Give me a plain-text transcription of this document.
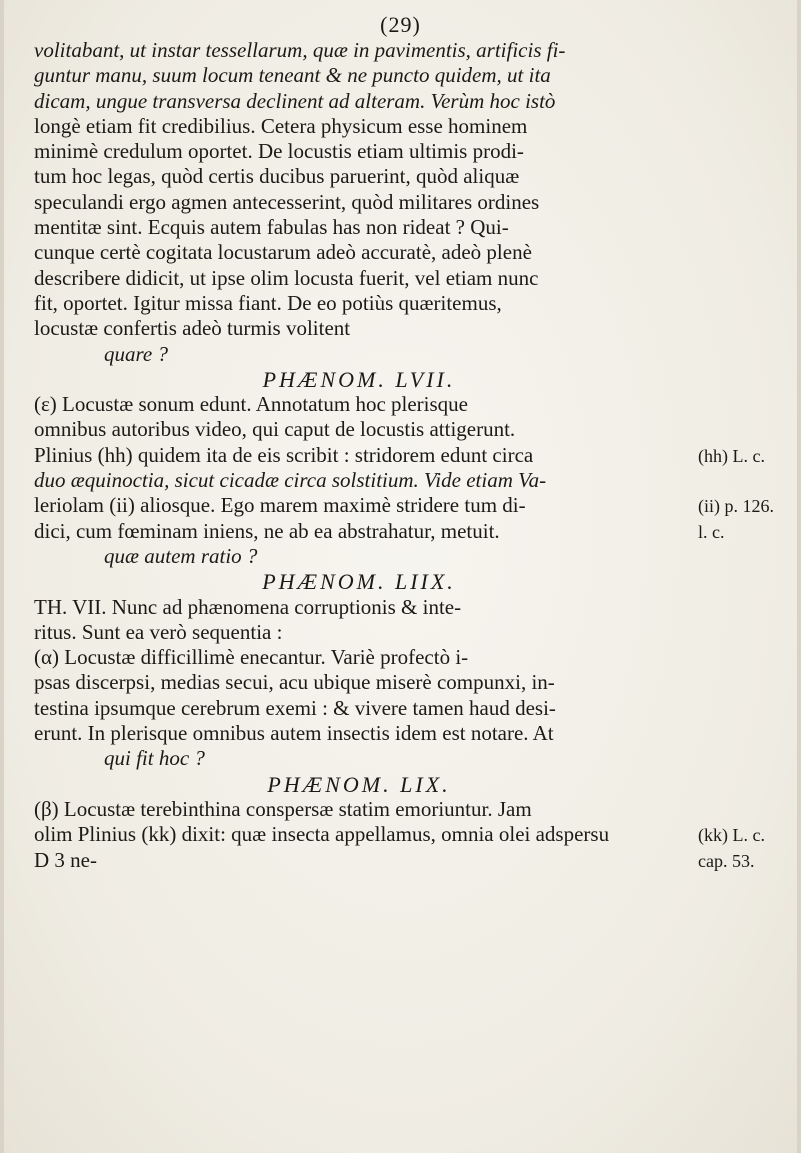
(29)
volitabant, ut instar tessellarum, quæ in pavimentis, artificis fi-
guntur manu, suum locum teneant & ne puncto quidem, ut ita
dicam, ungue transversa declinent ad alteram. Verùm hoc istò
longè etiam fit credibilius. Cetera physicum esse hominem
minimè credulum oportet. De locustis etiam ultimis prodi-
tum hoc legas, quòd certis ducibus paruerint, quòd aliquæ
speculandi ergo agmen antecesserint, quòd militares ordines
mentitæ sint. Ecquis autem fabulas has non rideat ? Qui-
cunque certè cogitata locustarum adeò accuratè, adeò plenè
describere didicit, ut ipse olim locusta fuerit, vel etiam nunc
fit, oportet. Igitur missa fiant. De eo potiùs quæritemus,
locustæ confertis adeò turmis volitent
quare ?
PHÆNOM. LVII.
(ε) Locustæ sonum edunt. Annotatum hoc plerisque
omnibus autoribus video, qui caput de locustis attigerunt.
Plinius (hh) quidem ita de eis scribit : stridorem edunt circa
duo æquinoctia, sicut cicadæ circa solstitium. Vide etiam Va-
leriolam (ii) aliosque. Ego marem maximè stridere tum di-
dici, cum fœminam iniens, ne ab ea abstrahatur, metuit.
quæ autem ratio ?
PHÆNOM. LIIX.
TH. VII. Nunc ad phænomena corruptionis & inte-
ritus. Sunt ea verò sequentia :
(α) Locustæ difficillimè enecantur. Variè profectò i-
psas discerpsi, medias secui, acu ubique miserè compunxi, in-
testina ipsumque cerebrum exemi : & vivere tamen haud desi-
erunt. In plerisque omnibus autem insectis idem est notare. At
qui fit hoc ?
PHÆNOM. LIX.
(β) Locustæ terebinthina conspersæ statim emoriuntur. Jam
olim Plinius (kk) dixit: quæ insecta appellamus, omnia olei adspersu
D 3 ne-
(hh) L. c.
(ii) p. 126.
l. c.
(kk) L. c.
cap. 53.
